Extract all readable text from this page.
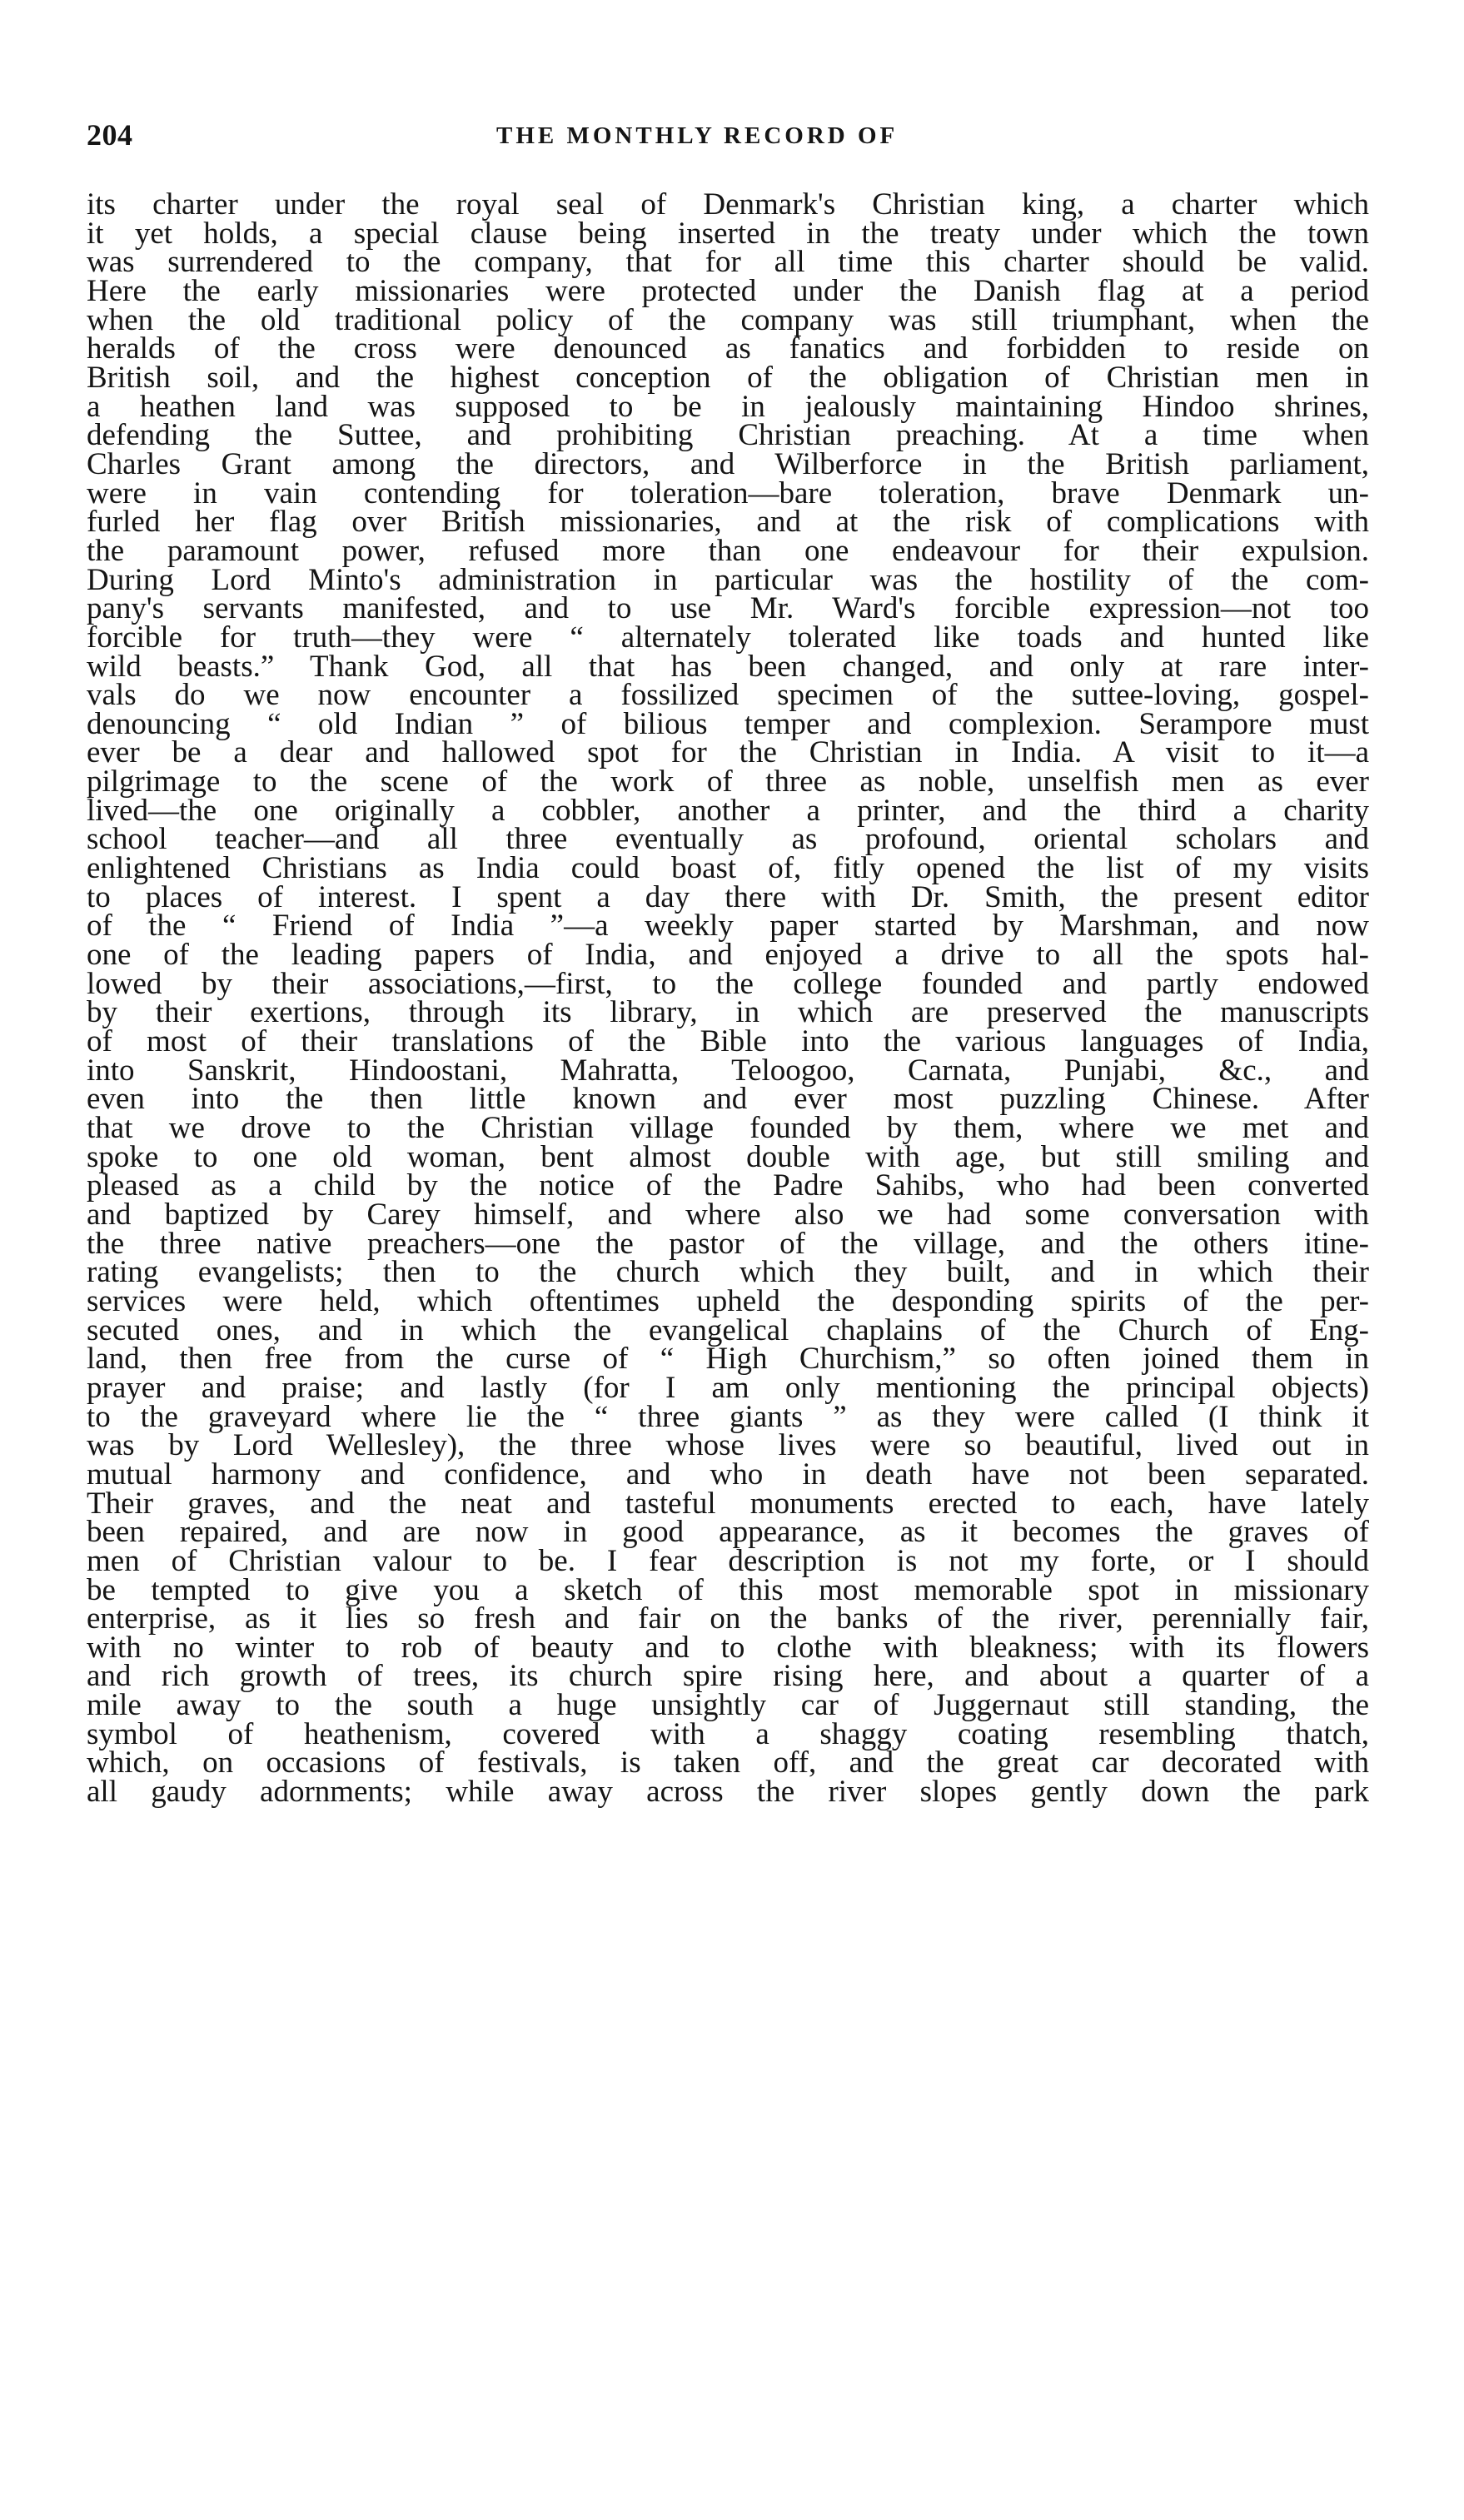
204	THE MONTHLY RECORD OF
its charter under the royal seal of Denmark's Christian king, a charter which
it yet holds, a special clause being inserted in the treaty under which the town
was surrendered to the company, that for all time this charter should be valid.
Here the early missionaries were protected under the Danish flag at a period
when the old traditional policy of the company was still triumphant, when the
heralds of the cross were denounced as fanatics and forbidden to reside on
British soil, and the highest conception of the obligation of Christian men in
a heathen land was supposed to be in jealously maintaining Hindoo shrines,
defending the Suttee, and prohibiting Christian preaching. At a time when
Charles Grant among the directors, and Wilberforce in the British parliament,
were in vain contending for toleration—bare toleration, brave Denmark un-
furled her flag over British missionaries, and at the risk of complications with
the paramount power, refused more than one endeavour for their expulsion.
During Lord Minto's administration in particular was the hostility of the com-
pany's servants manifested, and to use Mr. Ward's forcible expression—not too
forcible for truth—they were “ alternately tolerated like toads and hunted like
wild beasts.” Thank God, all that has been changed, and only at rare inter-
vals do we now encounter a fossilized specimen of the suttee-loving, gospel-
denouncing “ old Indian ” of bilious temper and complexion. Serampore must
ever be a dear and hallowed spot for the Christian in India. A visit to it—a
pilgrimage to the scene of the work of three as noble, unselfish men as ever
lived—the one originally a cobbler, another a printer, and the third a charity
school teacher—and all three eventually as profound, oriental scholars and
enlightened Christians as India could boast of, fitly opened the list of my visits
to places of interest. I spent a day there with Dr. Smith, the present editor
of the “ Friend of India ”—a weekly paper started by Marshman, and now
one of the leading papers of India, and enjoyed a drive to all the spots hal-
lowed by their associations,—first, to the college founded and partly endowed
by their exertions, through its library, in which are preserved the manuscripts
of most of their translations of the Bible into the various languages of India,
into Sanskrit, Hindoostani, Mahratta, Teloogoo, Carnata, Punjabi, &c., and
even into the then little known and ever most puzzling Chinese. After
that we drove to the Christian village founded by them, where we met and
spoke to one old woman, bent almost double with age, but still smiling and
pleased as a child by the notice of the Padre Sahibs, who had been converted
and baptized by Carey himself, and where also we had some conversation with
the three native preachers—one the pastor of the village, and the others itine-
rating evangelists; then to the church which they built, and in which their
services were held, which oftentimes upheld the desponding spirits of the per-
secuted ones, and in which the evangelical chaplains of the Church of Eng-
land, then free from the curse of “ High Churchism,” so often joined them in
prayer and praise; and lastly (for I am only mentioning the principal objects)
to the graveyard where lie the “ three giants ” as they were called (I think it
was by Lord Wellesley), the three whose lives were so beautiful, lived out in
mutual harmony and confidence, and who in death have not been separated.
Their graves, and the neat and tasteful monuments erected to each, have lately
been repaired, and are now in good appearance, as it becomes the graves of
men of Christian valour to be. I fear description is not my forte, or I should
be tempted to give you a sketch of this most memorable spot in missionary
enterprise, as it lies so fresh and fair on the banks of the river, perennially fair,
with no winter to rob of beauty and to clothe with bleakness; with its flowers
and rich growth of trees, its church spire rising here, and about a quarter of a
mile away to the south a huge unsightly car of Juggernaut still standing, the
symbol of heathenism, covered with a shaggy coating resembling thatch,
which, on occasions of festivals, is taken off, and the great car decorated with
all gaudy adornments; while away across the river slopes gently down the park
